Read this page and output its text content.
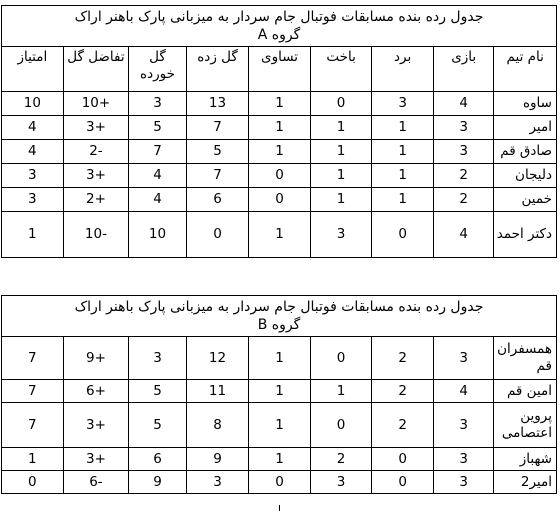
جدول رده بنده مسابقات فوتبال جام سردار به میزبانی پارک باهنر اراک
گروه A								

نام تیم	بازی	برد	باخت	تساوی	گل زده	گل خورده	تفاضل گل	امتیاز
ساوه	4	3	0	1	13	3	+10	10
امیر	3	1	1	1	7	5	+3	4
صادق قم	3	1	1	1	5	7	-2	4
دلیجان	2	1	1	0	7	4	+3	3
خمین	2	1	1	0	6	4	+2	3
دکتر احمد	4	0	3	1	0	10	-10	1
جدول رده بنده مسابقات فوتبال جام سردار به میزبانی پارک باهنر اراک
گروه B								

همسفران قم	3	2	0	1	12	3	+9	7
امین قم	4	2	1	1	11	5	+6	7
پروین اعتصامی	3	2	0	1	8	5	+3	7
شهباز	3	0	2	1	9	6	+3	1
امیر2	3	0	3	0	3	9	-6	0
